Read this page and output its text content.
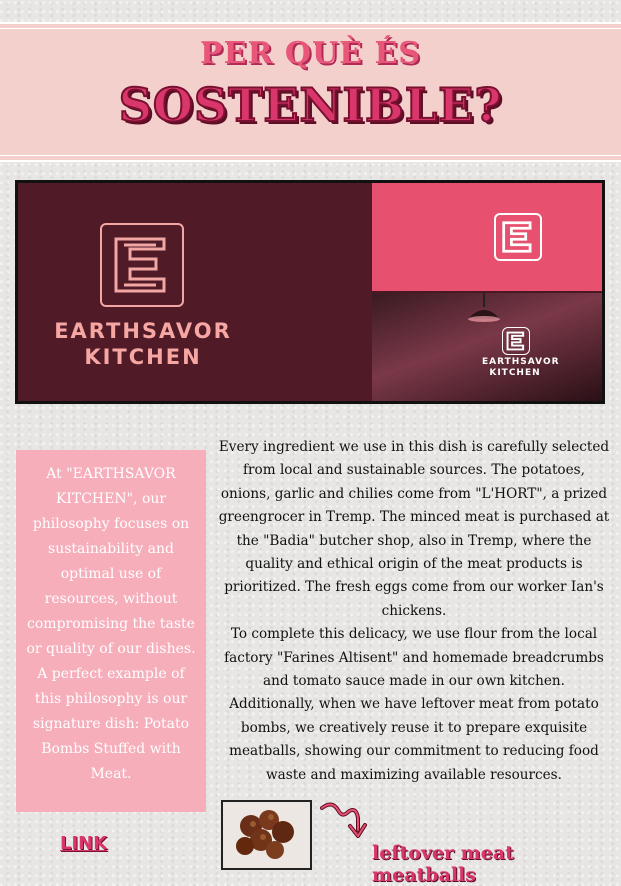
PER QUÈ ÉS
SOSTENIBLE?
EARTHSAVOR
KITCHEN	EARTHSAVOR
KITCHEN
At "EARTHSAVOR KITCHEN", our philosophy focuses on sustainability and optimal use of resources, without compromising the taste or quality of our dishes. A perfect example of this philosophy is our signature dish: Potato Bombs Stuffed with Meat.

Every ingredient we use in this dish is carefully selected from local and sustainable sources. The potatoes, onions, garlic and chilies come from "L'HORT", a prized greengrocer in Tremp. The minced meat is purchased at the "Badia" butcher shop, also in Tremp, where the quality and ethical origin of the meat products is prioritized. The fresh eggs come from our worker Ian's chickens.

To complete this delicacy, we use flour from the local factory "Farines Altisent" and homemade breadcrumbs and tomato sauce made in our own kitchen.

Additionally, when we have leftover meat from potato bombs, we creatively reuse it to prepare exquisite meatballs, showing our commitment to reducing food waste and maximizing available resources.

LINK	leftover meat meatballs
